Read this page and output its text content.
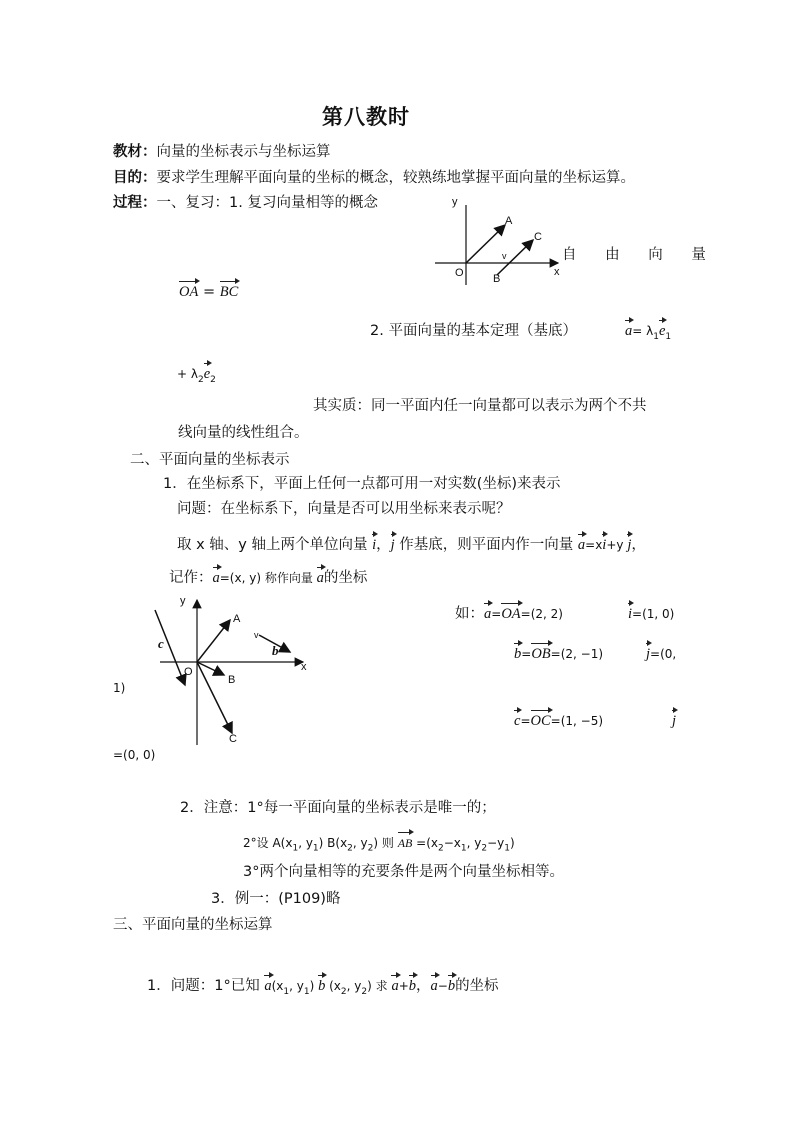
第八教时
教材：向量的坐标表示与坐标运算
目的：要求学生理解平面向量的坐标的概念，较熟练地掌握平面向量的坐标运算。
过程：一、复习：1. 复习向量相等的概念	y
x
O
A
B
C
v	自 由 向 量
OA = BC
2. 平面向量的基本定理（基底）	$a= \lambda_1e_1$
+ $\lambda_2e_2$
其实质：同一平面内任一向量都可以表示为两个不共
线向量的线性组合。
二、平面向量的坐标表示
1．在坐标系下，平面上任何一点都可用一对实数(坐标)来表示
问题：在坐标系下，向量是否可以用坐标来表示呢？
取 x 轴、y 轴上两个单位向量 i，j 作基底，则平面内作一向量 a=xi+y j，
记作：a=(x, y) 称作向量 a的坐标
y
x
O
A
B
C
c	b
v
如：a=OA=(2, 2)	i=(1, 0)
b=OB=(2, −1)	j=(0,
1)
c=OC=(1, −5)	j
=(0, 0)
2．注意：1°每一平面向量的坐标表示是唯一的；
2°设 $A(x_1$, $y_1$) $B(x_2$, $y_2$) 则 AB $=(x_2-x_1$, $y_2-y_1$)
3°两个向量相等的充要条件是两个向量坐标相等。
3．例一：(P109)略
三、平面向量的坐标运算
1．问题：1°已知 $a(x_1$, $y_1$) b ($x_2$, $y_2$) 求 a+b，a−b的坐标
